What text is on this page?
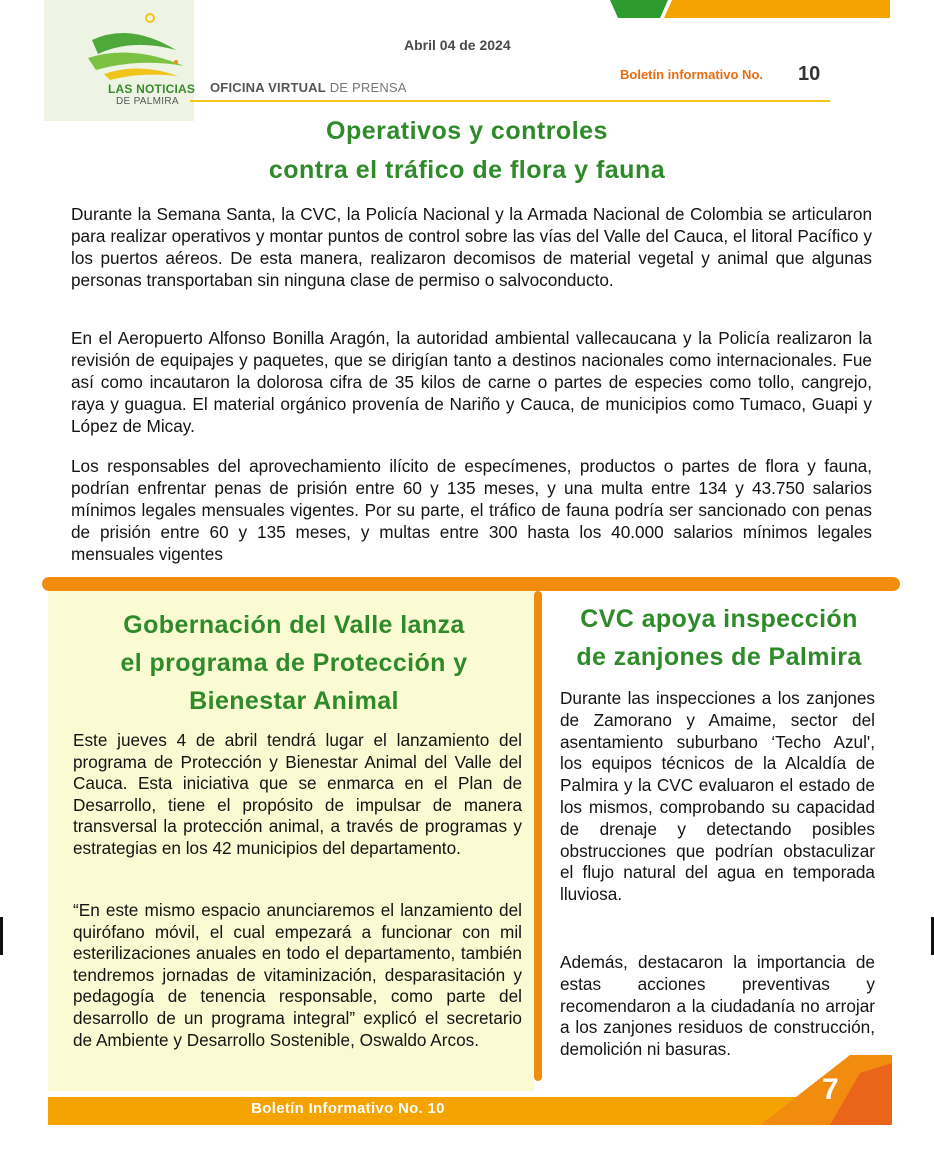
LAS NOTICIAS
DE PALMIRA
Abril 04 de 2024
OFICINA VIRTUAL DE PRENSA
Boletín informativo No. 10
Operativos y controles
contra el tráfico de flora y fauna

Durante la Semana Santa, la CVC, la Policía Nacional y la Armada Nacional de Colombia se articularon para realizar operativos y montar puntos de control sobre las vías del Valle del Cauca, el litoral Pacífico y los puertos aéreos. De esta manera, realizaron decomisos de material vegetal y animal que algunas personas transportaban sin ninguna clase de permiso o salvoconducto.

En el Aeropuerto Alfonso Bonilla Aragón, la autoridad ambiental vallecaucana y la Policía realizaron la revisión de equipajes y paquetes, que se dirigían tanto a destinos nacionales como internacionales. Fue así como incautaron la dolorosa cifra de 35 kilos de carne o partes de especies como tollo, cangrejo, raya y guagua. El material orgánico provenía de Nariño y Cauca, de municipios como Tumaco, Guapi y López de Micay.

Los responsables del aprovechamiento ilícito de especímenes, productos o partes de flora y fauna, podrían enfrentar penas de prisión entre 60 y 135 meses, y una multa entre 134 y 43.750 salarios mínimos legales mensuales vigentes. Por su parte, el tráfico de fauna podría ser sancionado con penas de prisión entre 60 y 135 meses, y multas entre 300 hasta los 40.000 salarios mínimos legales mensuales vigentes

Gobernación del Valle lanza
el programa de Protección y
Bienestar Animal

Este jueves 4 de abril tendrá lugar el lanzamiento del programa de Protección y Bienestar Animal del Valle del Cauca. Esta iniciativa que se enmarca en el Plan de Desarrollo, tiene el propósito de impulsar de manera transversal la protección animal, a través de programas y estrategias en los 42 municipios del departamento.

“En este mismo espacio anunciaremos el lanzamiento del quirófano móvil, el cual empezará a funcionar con mil esterilizaciones anuales en todo el departamento, también tendremos jornadas de vitaminización, desparasitación y pedagogía de tenencia responsable, como parte del desarrollo de un programa integral” explicó el secretario de Ambiente y Desarrollo Sostenible, Oswaldo Arcos.

CVC apoya inspección
de zanjones de Palmira

Durante las inspecciones a los zanjones de Zamorano y Amaime, sector del asentamiento suburbano ‘Techo Azul', los equipos técnicos de la Alcaldía de Palmira y la CVC evaluaron el estado de los mismos, comprobando su capacidad de drenaje y detectando posibles obstrucciones que podrían obstaculizar el flujo natural del agua en temporada lluviosa.

Además, destacaron la importancia de estas acciones preventivas y recomendaron a la ciudadanía no arrojar a los zanjones residuos de construcción, demolición ni basuras.

Boletín Informativo No. 10
7
